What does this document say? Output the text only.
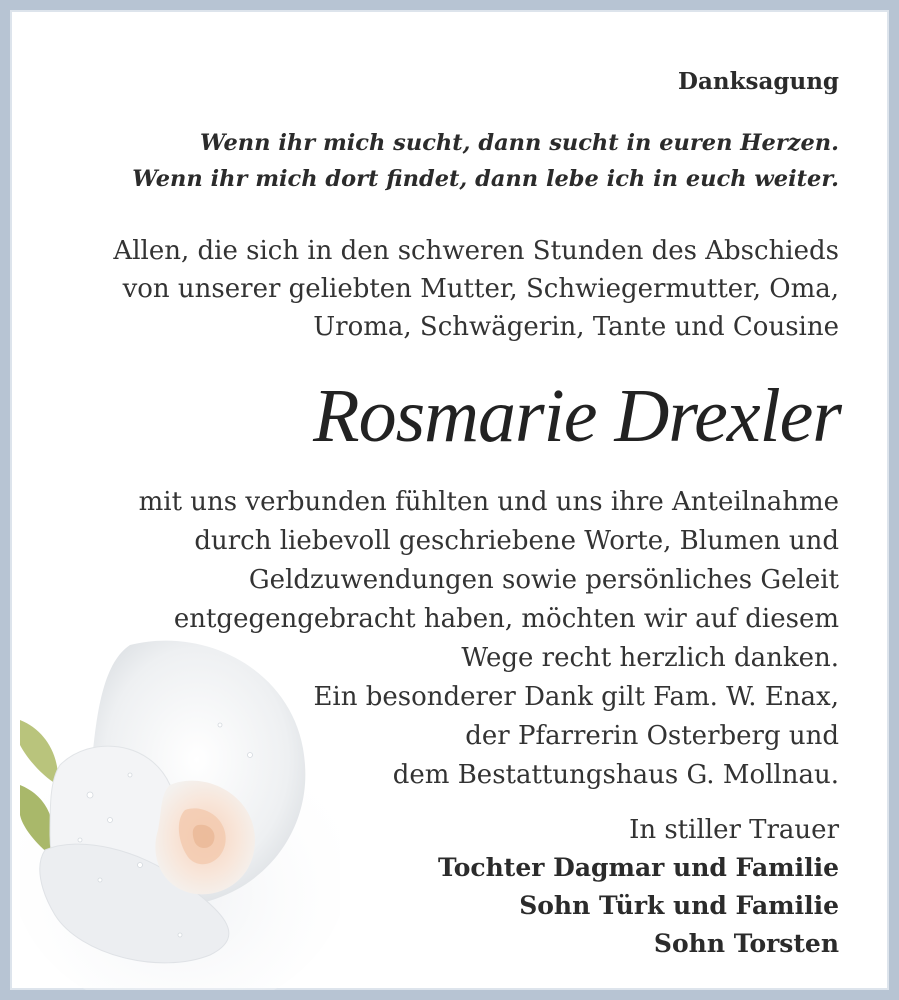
Danksagung
Wenn ihr mich sucht, dann sucht in euren Herzen.
Wenn ihr mich dort findet, dann lebe ich in euch weiter.
Allen, die sich in den schweren Stunden des Abschieds
von unserer geliebten Mutter, Schwiegermutter, Oma,
Uroma, Schwägerin, Tante und Cousine
Rosmarie Drexler
mit uns verbunden fühlten und uns ihre Anteilnahme
durch liebevoll geschriebene Worte, Blumen und
Geldzuwendungen sowie persönliches Geleit
entgegengebracht haben, möchten wir auf diesem
Wege recht herzlich danken.
Ein besonderer Dank gilt Fam. W. Enax,
der Pfarrerin Osterberg und
dem Bestattungshaus G. Mollnau.
In stiller Trauer
Tochter Dagmar und Familie
Sohn Türk und Familie
Sohn Torsten
